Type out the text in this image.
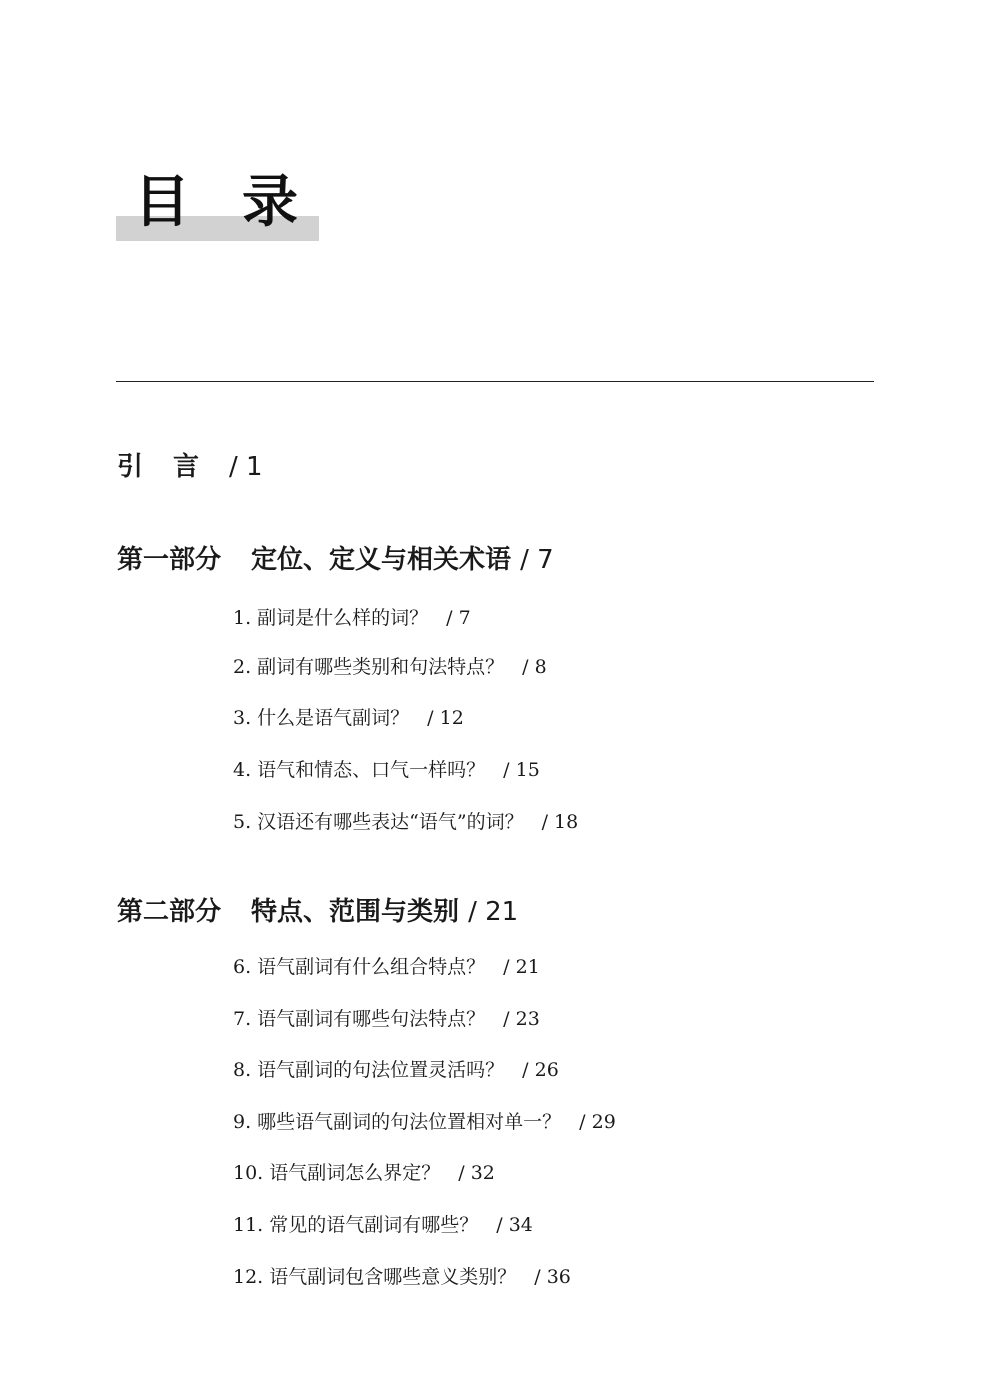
目录
引言/ 1
第一部分 定位、定义与相关术语 / 7
1. 副词是什么样的词？ / 7
2. 副词有哪些类别和句法特点？ / 8
3. 什么是语气副词？ / 12
4. 语气和情态、口气一样吗？ / 15
5. 汉语还有哪些表达“语气”的词？ / 18
第二部分 特点、范围与类别 / 21
6. 语气副词有什么组合特点？ / 21
7. 语气副词有哪些句法特点？ / 23
8. 语气副词的句法位置灵活吗？ / 26
9. 哪些语气副词的句法位置相对单一？ / 29
10. 语气副词怎么界定？ / 32
11. 常见的语气副词有哪些？ / 34
12. 语气副词包含哪些意义类别？ / 36
